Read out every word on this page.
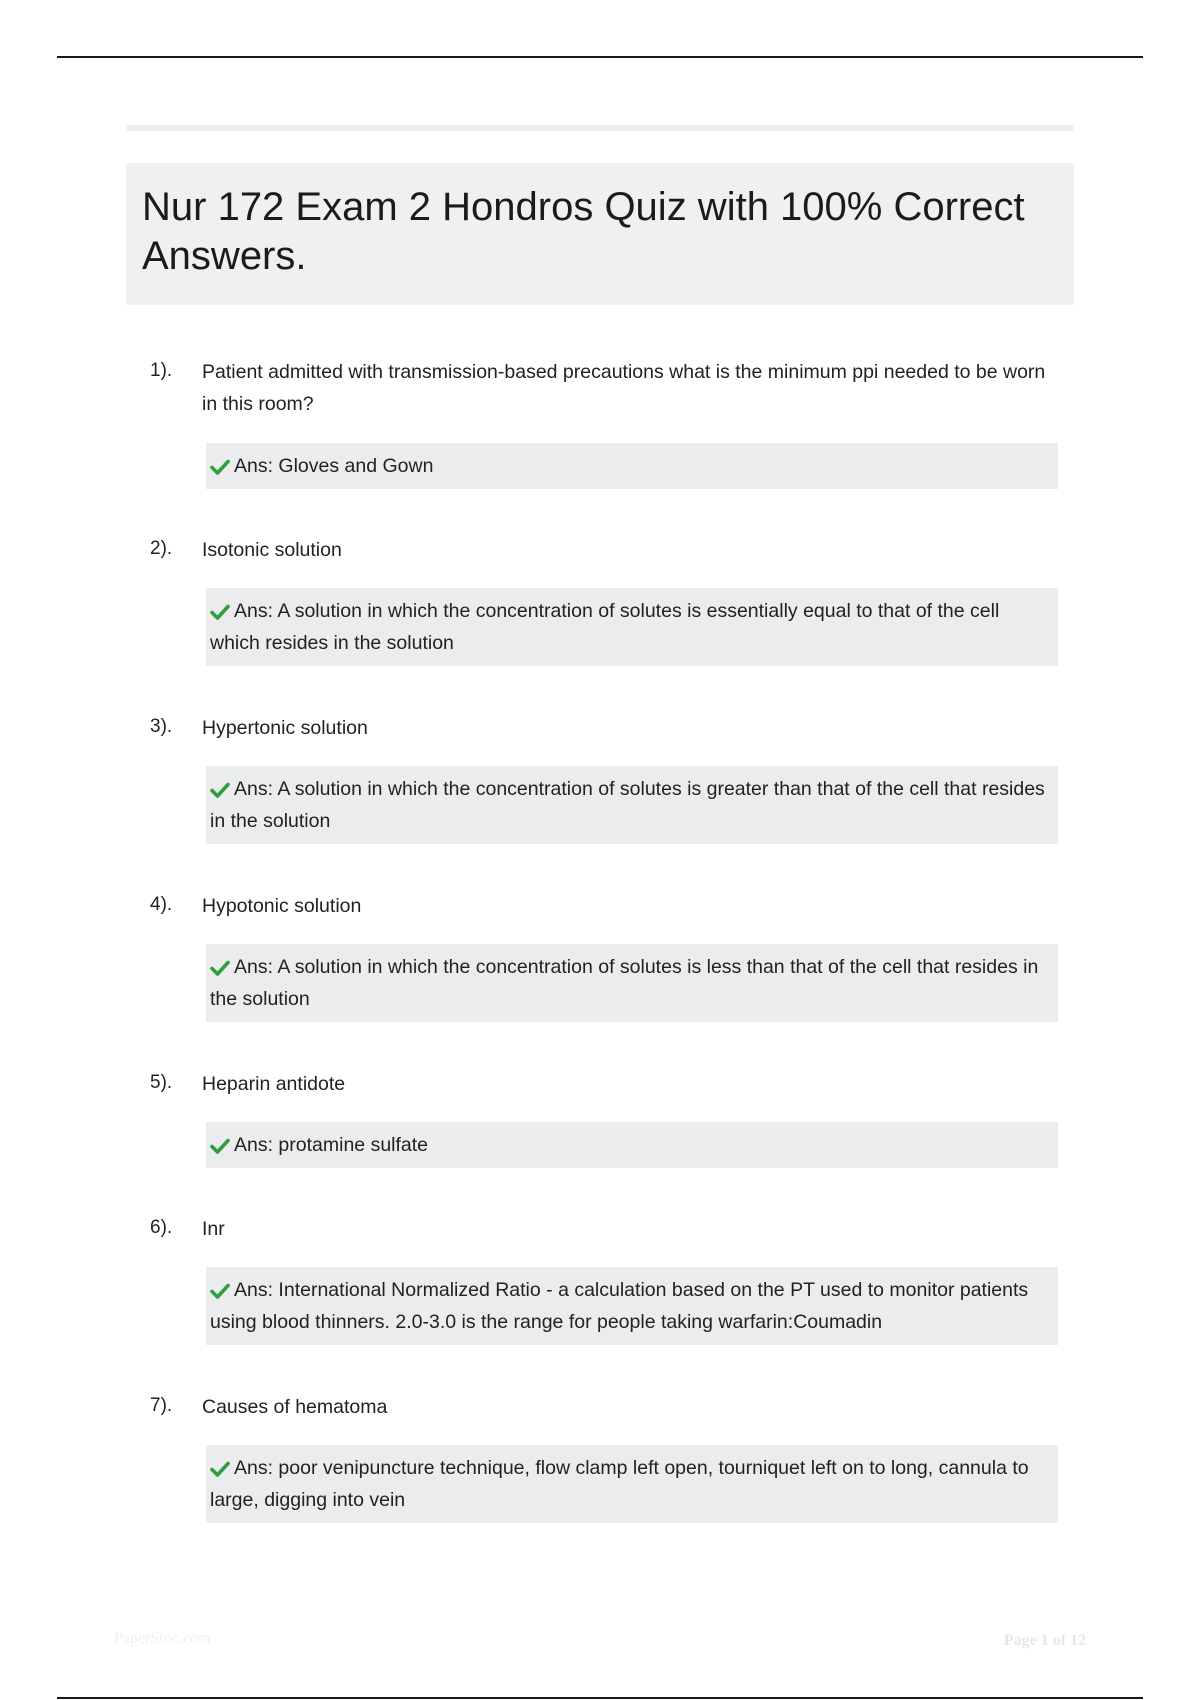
Nur 172 Exam 2 Hondros Quiz with 100% Correct Answers.
1). Patient admitted with transmission-based precautions what is the minimum ppi needed to be worn in this room?
Ans: Gloves and Gown
2). Isotonic solution
Ans: A solution in which the concentration of solutes is essentially equal to that of the cell which resides in the solution
3). Hypertonic solution
Ans: A solution in which the concentration of solutes is greater than that of the cell that resides in the solution
4). Hypotonic solution
Ans: A solution in which the concentration of solutes is less than that of the cell that resides in the solution
5). Heparin antidote
Ans: protamine sulfate
6). Inr
Ans: International Normalized Ratio - a calculation based on the PT used to monitor patients using blood thinners. 2.0-3.0 is the range for people taking warfarin:Coumadin
7). Causes of hematoma
Ans: poor venipuncture technique, flow clamp left open, tourniquet left on to long, cannula to large, digging into vein
PaperStoc.com	Page 1 of 12
